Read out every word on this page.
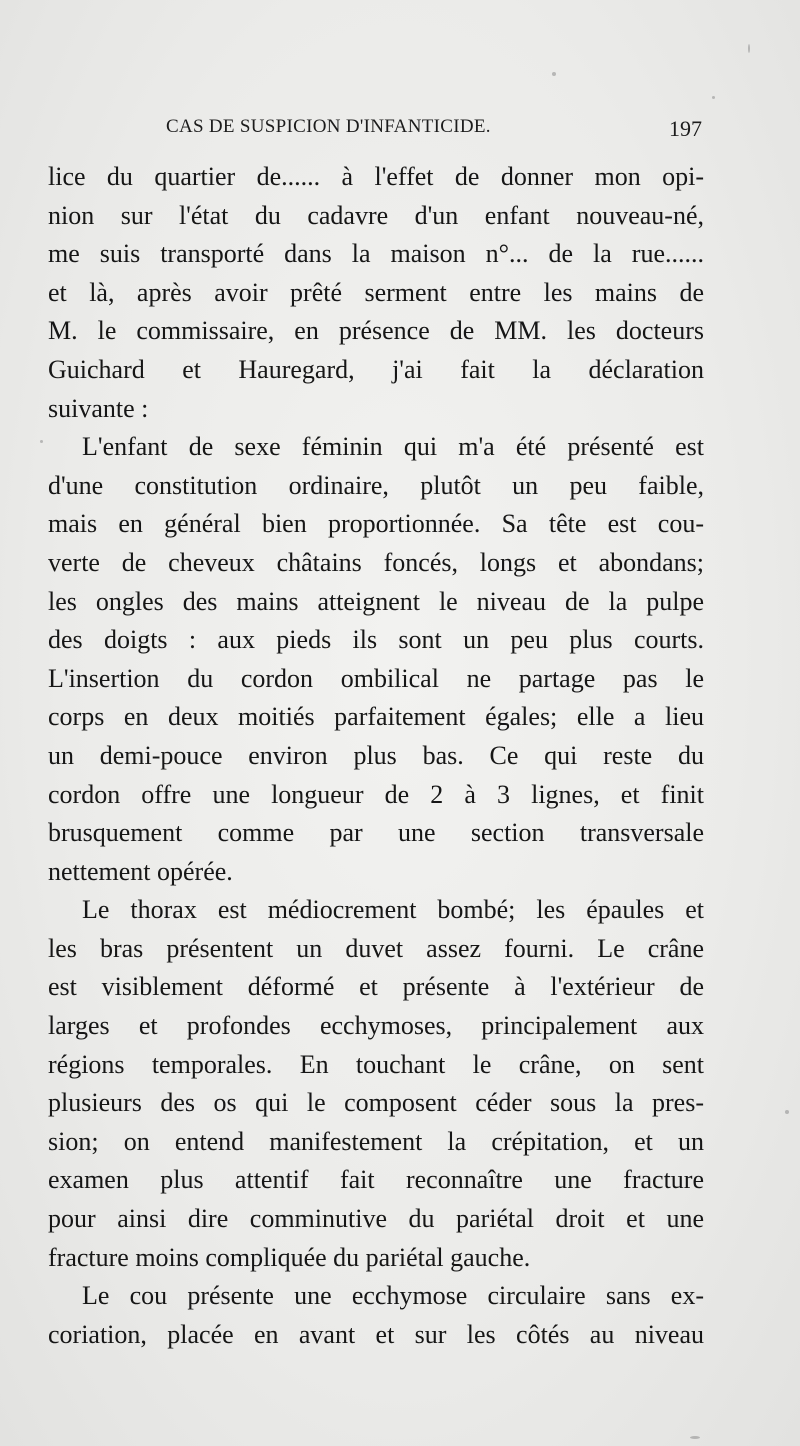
CAS DE SUSPICION D'INFANTICIDE.	197
lice du quartier de...... à l'effet de donner mon opi-
nion sur l'état du cadavre d'un enfant nouveau-né,
me suis transporté dans la maison n°... de la rue......
et là, après avoir prêté serment entre les mains de
M. le commissaire, en présence de MM. les docteurs
Guichard et Hauregard, j'ai fait la déclaration
suivante :
L'enfant de sexe féminin qui m'a été présenté est
d'une constitution ordinaire, plutôt un peu faible,
mais en général bien proportionnée. Sa tête est cou-
verte de cheveux châtains foncés, longs et abondans;
les ongles des mains atteignent le niveau de la pulpe
des doigts : aux pieds ils sont un peu plus courts.
L'insertion du cordon ombilical ne partage pas le
corps en deux moitiés parfaitement égales; elle a lieu
un demi-pouce environ plus bas. Ce qui reste du
cordon offre une longueur de 2 à 3 lignes, et finit
brusquement comme par une section transversale
nettement opérée.
Le thorax est médiocrement bombé; les épaules et
les bras présentent un duvet assez fourni. Le crâne
est visiblement déformé et présente à l'extérieur de
larges et profondes ecchymoses, principalement aux
régions temporales. En touchant le crâne, on sent
plusieurs des os qui le composent céder sous la pres-
sion; on entend manifestement la crépitation, et un
examen plus attentif fait reconnaître une fracture
pour ainsi dire comminutive du pariétal droit et une
fracture moins compliquée du pariétal gauche.
Le cou présente une ecchymose circulaire sans ex-
coriation, placée en avant et sur les côtés au niveau
